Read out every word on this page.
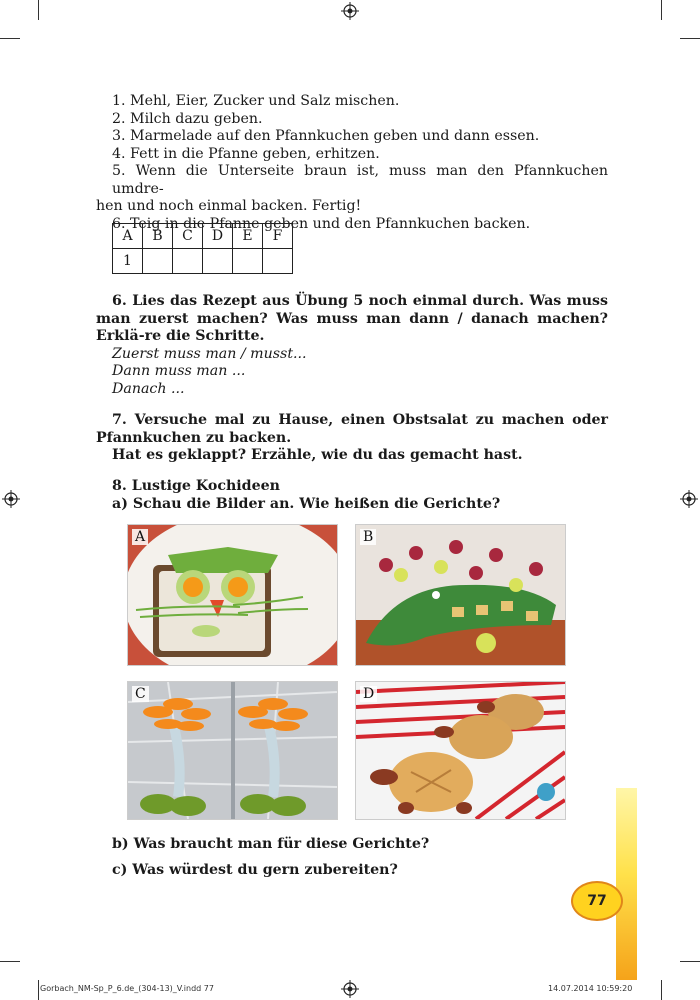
1. Mehl, Eier, Zucker und Salz mischen.
2. Milch dazu geben.
3. Marmelade auf den Pfannkuchen geben und dann essen.
4. Fett in die Pfanne geben, erhitzen.
5. Wenn die Unterseite braun ist, muss man den Pfannkuchen umdre-
hen und noch einmal backen. Fertig!
6. Teig in die Pfanne geben und den Pfannkuchen backen.
A	B	C	D	E	F
1					
6. Lies das Rezept aus Übung 5 noch einmal durch. Was muss man zuerst machen? Was muss man dann / danach machen? Erklä-re die Schritte.
Zuerst muss man / musst...
Dann muss man ...
Danach ...
7. Versuche mal zu Hause, einen Obstsalat zu machen oder Pfannkuchen zu backen.
Hat es geklappt? Erzähle, wie du das gemacht hast.
8. Lustige Kochideen
a) Schau die Bilder an. Wie heißen die Gerichte?
A	B
C	D
b) Was braucht man für diese Gerichte?
c) Was würdest du gern zubereiten?
77
Gorbach_NM-Sp_P_6.de_(304-13)_V.indd 77	14.07.2014 10:59:20
